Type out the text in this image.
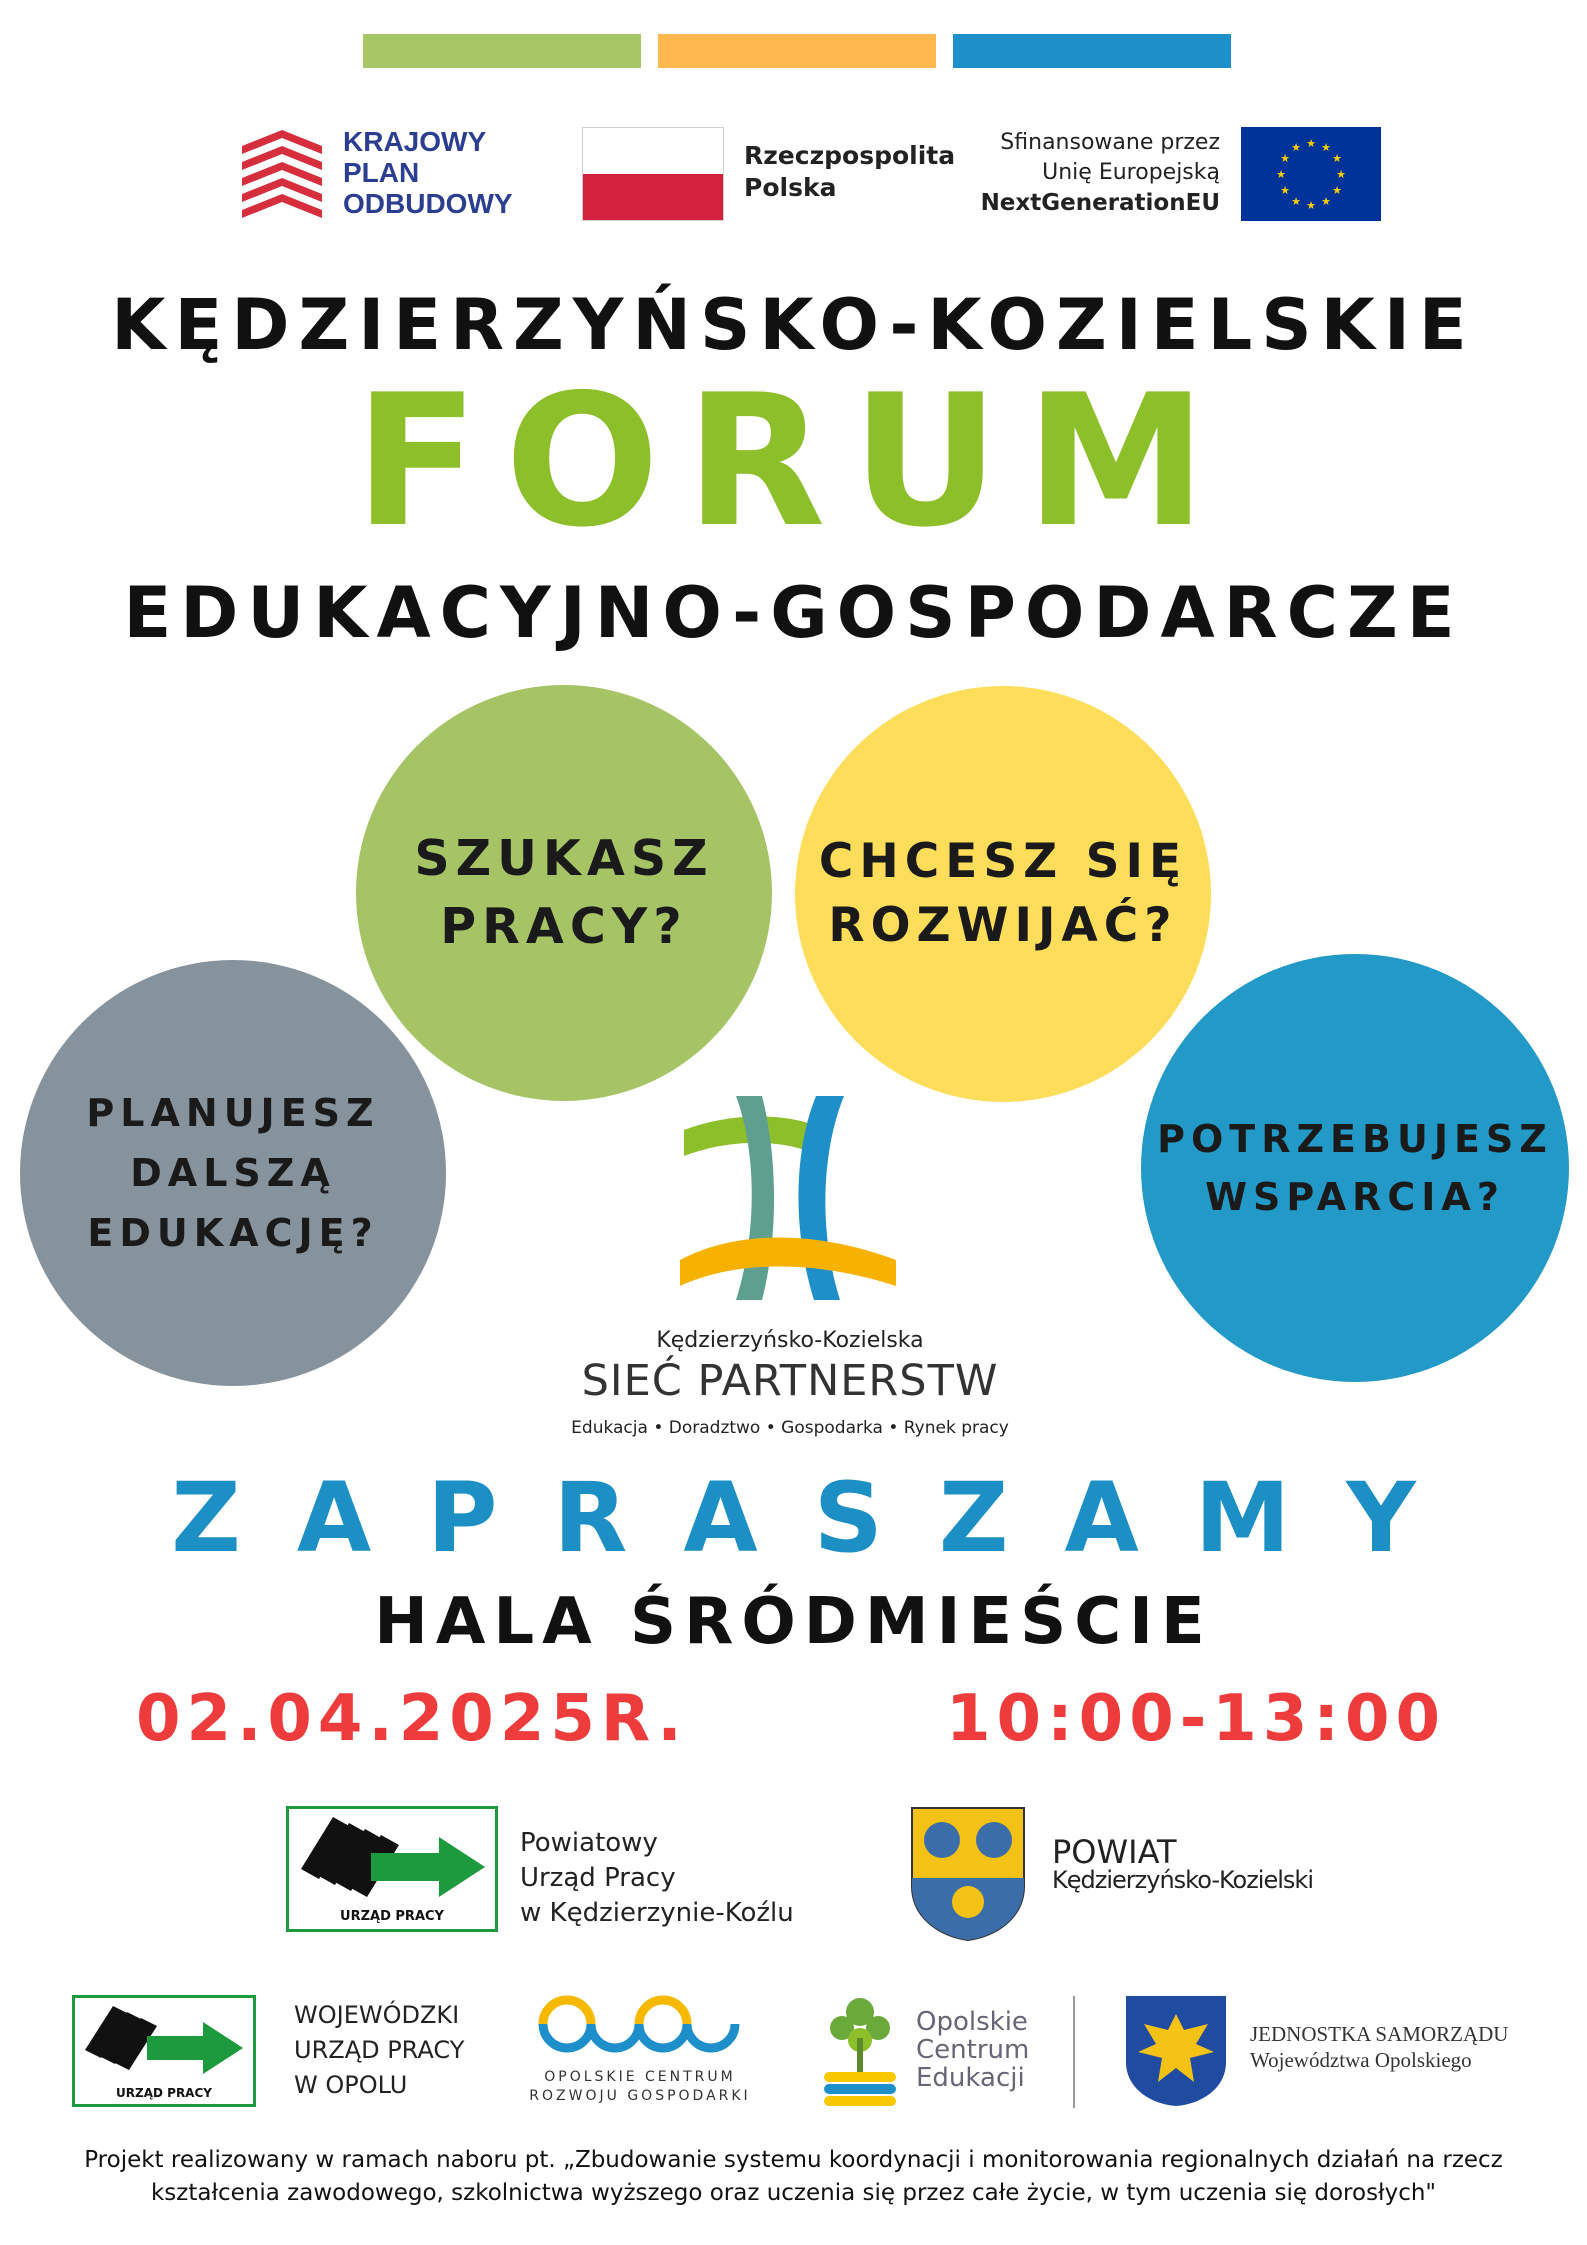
KRAJOWY
PLAN
ODBUDOWY
Rzeczpospolita
Polska
Sfinansowane przez
Unię Europejską
NextGenerationEU
★ ★
★
★
★
★
★
★
★
★
★
★
KĘDZIERZYŃSKO-KOZIELSKIE
FORUM
EDUKACYJNO-GOSPODARCZE
SZUKASZ
PRACY?
CHCESZ SIĘ
ROZWIJAĆ?
PLANUJESZ
DALSZĄ
EDUKACJĘ?
POTRZEBUJESZ
WSPARCIA?
Kędzierzyńsko-Kozielska
SIEĆ PARTNERSTW
Edukacja • Doradztwo • Gospodarka • Rynek pracy
ZAPRASZAMY
HALA ŚRÓDMIEŚCIE
02.04.2025R.	10:00-13:00
URZĄD PRACY
Powiatowy
Urząd Pracy
w Kędzierzynie-Koźlu
POWIAT
Kędzierzyńsko-Kozielski
URZĄD PRACY
WOJEWÓDZKI
URZĄD PRACY
W OPOLU	OPOLSKIE CENTRUM
ROZWOJU GOSPODARKI
Opolskie
Centrum
Edukacji
JEDNOSTKA SAMORZĄDU
Województwa Opolskiego
Projekt realizowany w ramach naboru pt. „Zbudowanie systemu koordynacji i monitorowania regionalnych działań na rzecz
kształcenia zawodowego, szkolnictwa wyższego oraz uczenia się przez całe życie, w tym uczenia się dorosłych"
